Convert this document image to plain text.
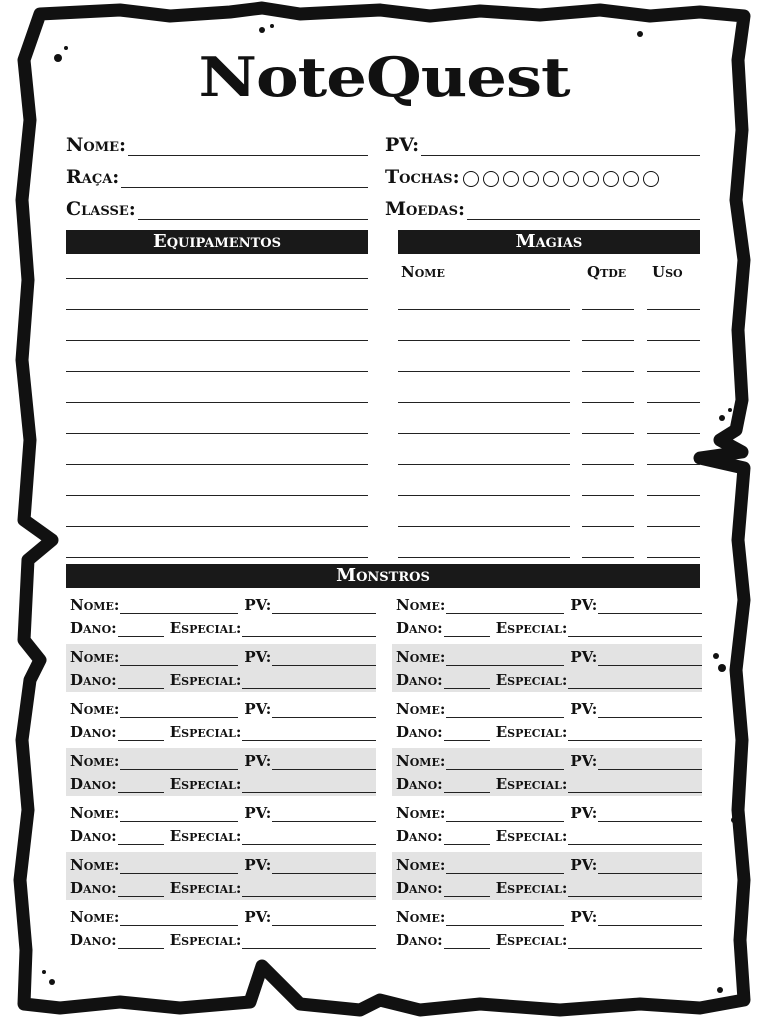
NoteQuest
Nome:
Raça:
Classe:
PV:
Tochas:
Moedas:
Equipamentos	Magias
Nome	Qtde Uso
Monstros
Nome:	PV:
Dano:	Especial:
Nome:	PV:
Dano:	Especial:
Nome:	PV:
Dano:	Especial:
Nome:	PV:
Dano:	Especial:
Nome:	PV:
Dano:	Especial:
Nome:	PV:
Dano:	Especial:
Nome:	PV:
Dano:	Especial:
Nome:	PV:
Dano:	Especial:
Nome:	PV:
Dano:	Especial:
Nome:	PV:
Dano:	Especial:
Nome:	PV:
Dano:	Especial:
Nome:	PV:
Dano:	Especial:
Nome:	PV:
Dano:	Especial:
Nome:	PV:
Dano:	Especial:
